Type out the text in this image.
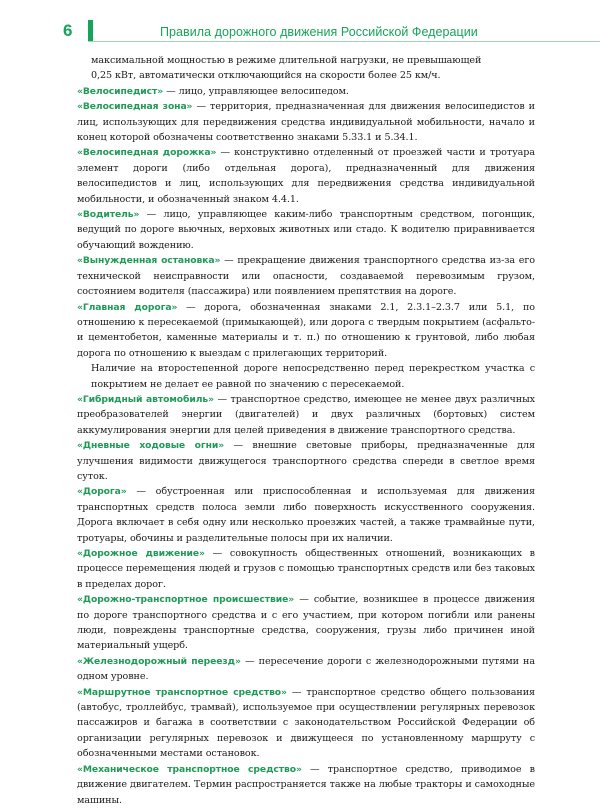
6	Правила дорожного движения Российской Федерации

максимальной мощностью в режиме длительной нагрузки, не превышающей
0,25 кВт, автоматически отключающийся на скорости более 25 км/ч.

«Велосипедист» — лицо, управляющее велосипедом.

«Велосипедная зона» — территория, предназначенная для движения велосипедистов и лиц, использующих для передвижения средства индивидуальной мобильности, начало и конец которой обозначены соответственно знаками 5.33.1 и 5.34.1.

«Велосипедная дорожка» — конструктивно отделенный от проезжей части и тротуара элемент дороги (либо отдельная дорога), предназначенный для движения велосипедистов и лиц, использующих для передвижения средства индивидуальной мобильности, и обозначенный знаком 4.4.1.

«Водитель» — лицо, управляющее каким-либо транспортным средством, погонщик, ведущий по дороге вьючных, верховых животных или стадо. К водителю приравнивается обучающий вождению.

«Вынужденная остановка» — прекращение движения транспортного средства из-за его технической неисправности или опасности, создаваемой перевозимым грузом, состоянием водителя (пассажира) или появлением препятствия на дороге.

«Главная дорога» — дорога, обозначенная знаками 2.1, 2.3.1–2.3.7 или 5.1, по отношению к пересекаемой (примыкающей), или дорога с твердым покрытием (асфальто- и цементобетон, каменные материалы и т. п.) по отношению к грунтовой, либо любая дорога по отношению к выездам с прилегающих территорий.

Наличие на второстепенной дороге непосредственно перед перекрестком участка с покрытием не делает ее равной по значению с пересекаемой.

«Гибридный автомобиль» — транспортное средство, имеющее не менее двух различных преобразователей энергии (двигателей) и двух различных (бортовых) систем аккумулирования энергии для целей приведения в движение транспортного средства.

«Дневные ходовые огни» — внешние световые приборы, предназначенные для улучшения видимости движущегося транспортного средства спереди в светлое время суток.

«Дорога» — обустроенная или приспособленная и используемая для движения транспортных средств полоса земли либо поверхность искусственного сооружения. Дорога включает в себя одну или несколько проезжих частей, а также трамвайные пути, тротуары, обочины и разделительные полосы при их наличии.

«Дорожное движение» — совокупность общественных отношений, возникающих в процессе перемещения людей и грузов с помощью транспортных средств или без таковых в пределах дорог.

«Дорожно-транспортное происшествие» — событие, возникшее в процессе движения по дороге транспортного средства и с его участием, при котором погибли или ранены люди, повреждены транспортные средства, сооружения, грузы либо причинен иной материальный ущерб.

«Железнодорожный переезд» — пересечение дороги с железнодорожными путями на одном уровне.

«Маршрутное транспортное средство» — транспортное средство общего пользования (автобус, троллейбус, трамвай), используемое при осуществлении регулярных перевозок пассажиров и багажа в соответствии с законодательством Российской Федерации об организации регулярных перевозок и движущееся по установленному маршруту с обозначенными местами остановок.

«Механическое транспортное средство» — транспортное средство, приводимое в движение двигателем. Термин распространяется также на любые тракторы и самоходные машины.
